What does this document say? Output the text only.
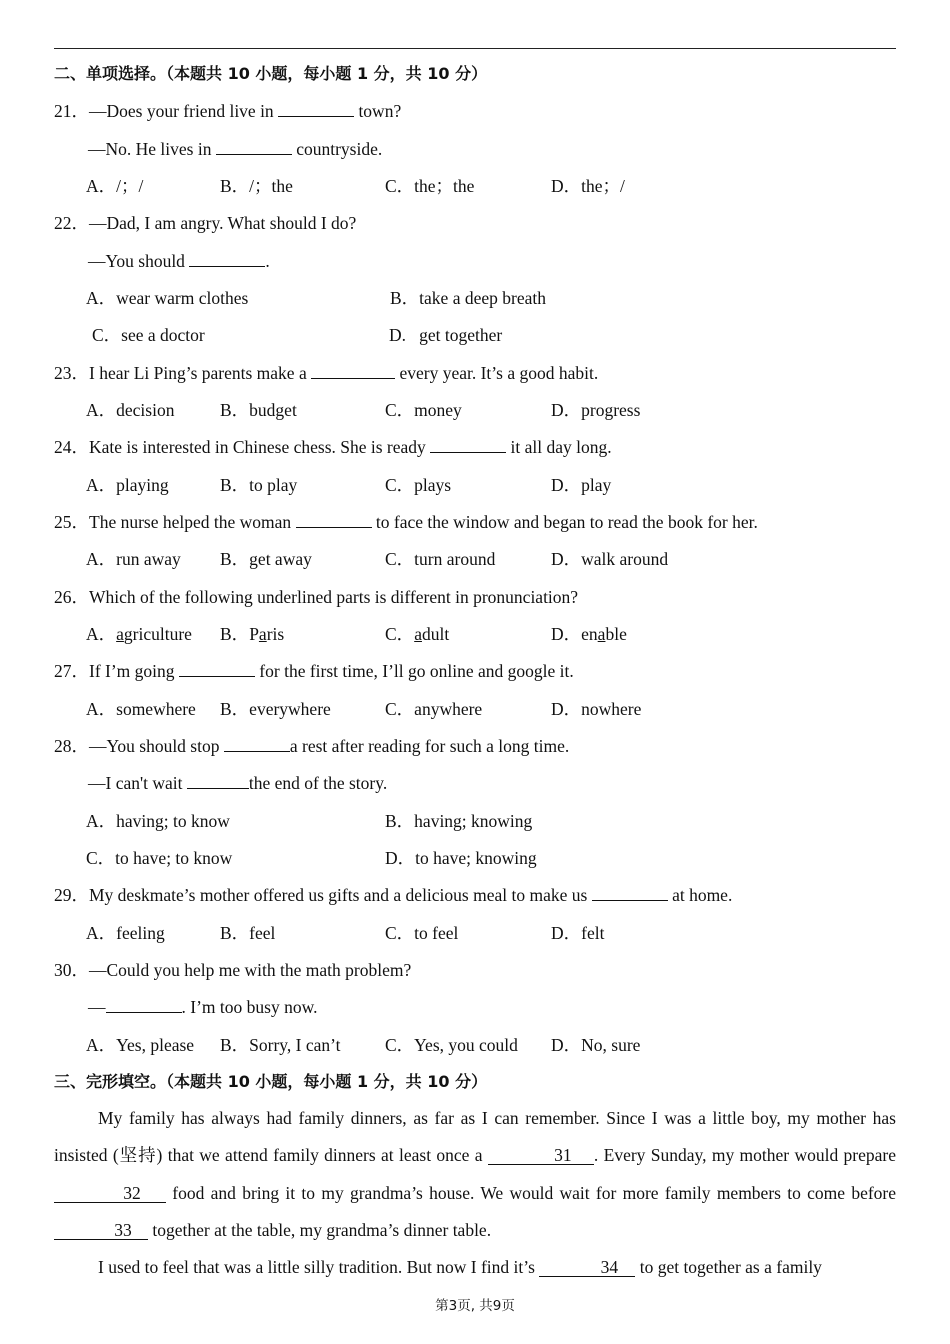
二、单项选择。（本题共 10 小题，每小题 1 分，共 10 分）
21．—Does your friend live in	town?
—No. He lives in	countryside.
A．/；/	B．/；the	C．the；the	D．the；/
22．—Dad, I am angry. What should I do?
—You should	.
A．wear warm clothes	B．take a deep breath
C．see a doctor	D.   get together
23．I hear Li Ping’s parents make a	every year. It’s a good habit.
A．decision	B．budget	C．money	D．progress
24．Kate is interested in Chinese chess. She is ready	it all day long.
A．playing	B．to play	C．plays	D．play
25．The nurse helped the woman	to face the window and began to read the book for her.
A．run away B．get away	C．turn around	D．walk around
26．Which of the following underlined parts is different in pronunciation?
A．agriculture B．Paris	C．adult	D．enable
27．If I’m going	for the first time, I’ll go online and google it.
A．somewhere B．everywhere	C．anywhere	D．nowhere
28．—You should stop	a rest after reading for such a long time.
—I can't wait	the end of the story.
A．having; to know	B．having; knowing
C．to have; to know	D．to have; knowing
29．My deskmate’s mother offered us gifts and a delicious meal to make us	at home.
A．feeling	B．feel	C．to feel	D．felt
30．—Could you help me with the math problem?
—	. I’m too busy now.
A．Yes, please B．Sorry, I can’t	C．Yes, you could D．No, sure
三、完形填空。（本题共 10 小题，每小题 1 分，共 10 分）

My family has always had family dinners, as far as I can remember. Since I was a little boy, my mother has insisted (坚持) that we attend family dinners at least once a	31 . Every Sunday, my mother would prepare 32 food and bring it to my grandma’s house. We would wait for more family members to come before 33 together at the table, my grandma’s dinner table.

I used to feel that was a little silly tradition. But now I find it’s	34 to get together as a family

第3页, 共9页
